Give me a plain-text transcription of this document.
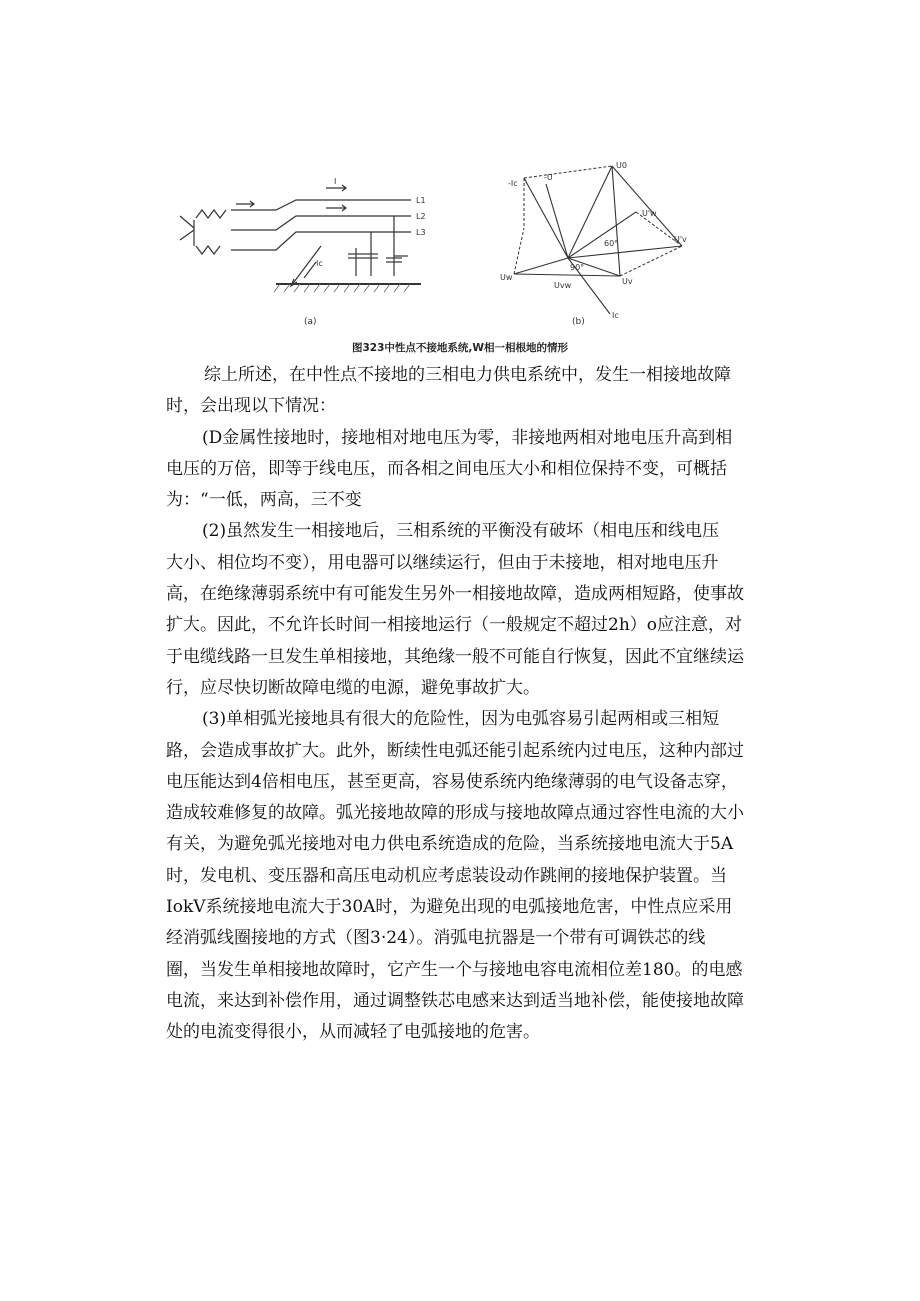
L1
L2
L3
Ic
I
(a)
U0
-Ic
-U
U'w
U'v
Uw	Uv
Uvw
Ic
60°
90°
(b)
图323中性点不接地系统,W相一相根地的情形

综上所述，在中性点不接地的三相电力供电系统中，发生一相接地故障
时，会出现以下情况：

(D金属性接地时，接地相对地电压为零，非接地两相对地电压升高到相
电压的万倍，即等于线电压，而各相之间电压大小和相位保持不变，可概括
为：“一低，两高，三不变

(2)虽然发生一相接地后，三相系统的平衡没有破坏（相电压和线电压
大小、相位均不变），用电器可以继续运行，但由于未接地，相对地电压升
高，在绝缘薄弱系统中有可能发生另外一相接地故障，造成两相短路，使事故
扩大。因此，不允许长时间一相接地运行（一般规定不超过2h）o应注意，对
于电缆线路一旦发生单相接地，其绝缘一般不可能自行恢复，因此不宜继续运
行，应尽快切断故障电缆的电源，避免事故扩大。

(3)单相弧光接地具有很大的危险性，因为电弧容易引起两相或三相短
路，会造成事故扩大。此外，断续性电弧还能引起系统内过电压，这种内部过
电压能达到4倍相电压，甚至更高，容易使系统内绝缘薄弱的电气设备志穿，
造成较难修复的故障。弧光接地故障的形成与接地故障点通过容性电流的大小
有关，为避免弧光接地对电力供电系统造成的危险，当系统接地电流大于5A
时，发电机、变压器和高压电动机应考虑装设动作跳闸的接地保护装置。当
IokV系统接地电流大于30A时，为避免出现的电弧接地危害，中性点应采用
经消弧线圈接地的方式（图3·24）。消弧电抗器是一个带有可调铁芯的线
圈，当发生单相接地故障时，它产生一个与接地电容电流相位差180。的电感
电流，来达到补偿作用，通过调整铁芯电感来达到适当地补偿，能使接地故障
处的电流变得很小，从而减轻了电弧接地的危害。
